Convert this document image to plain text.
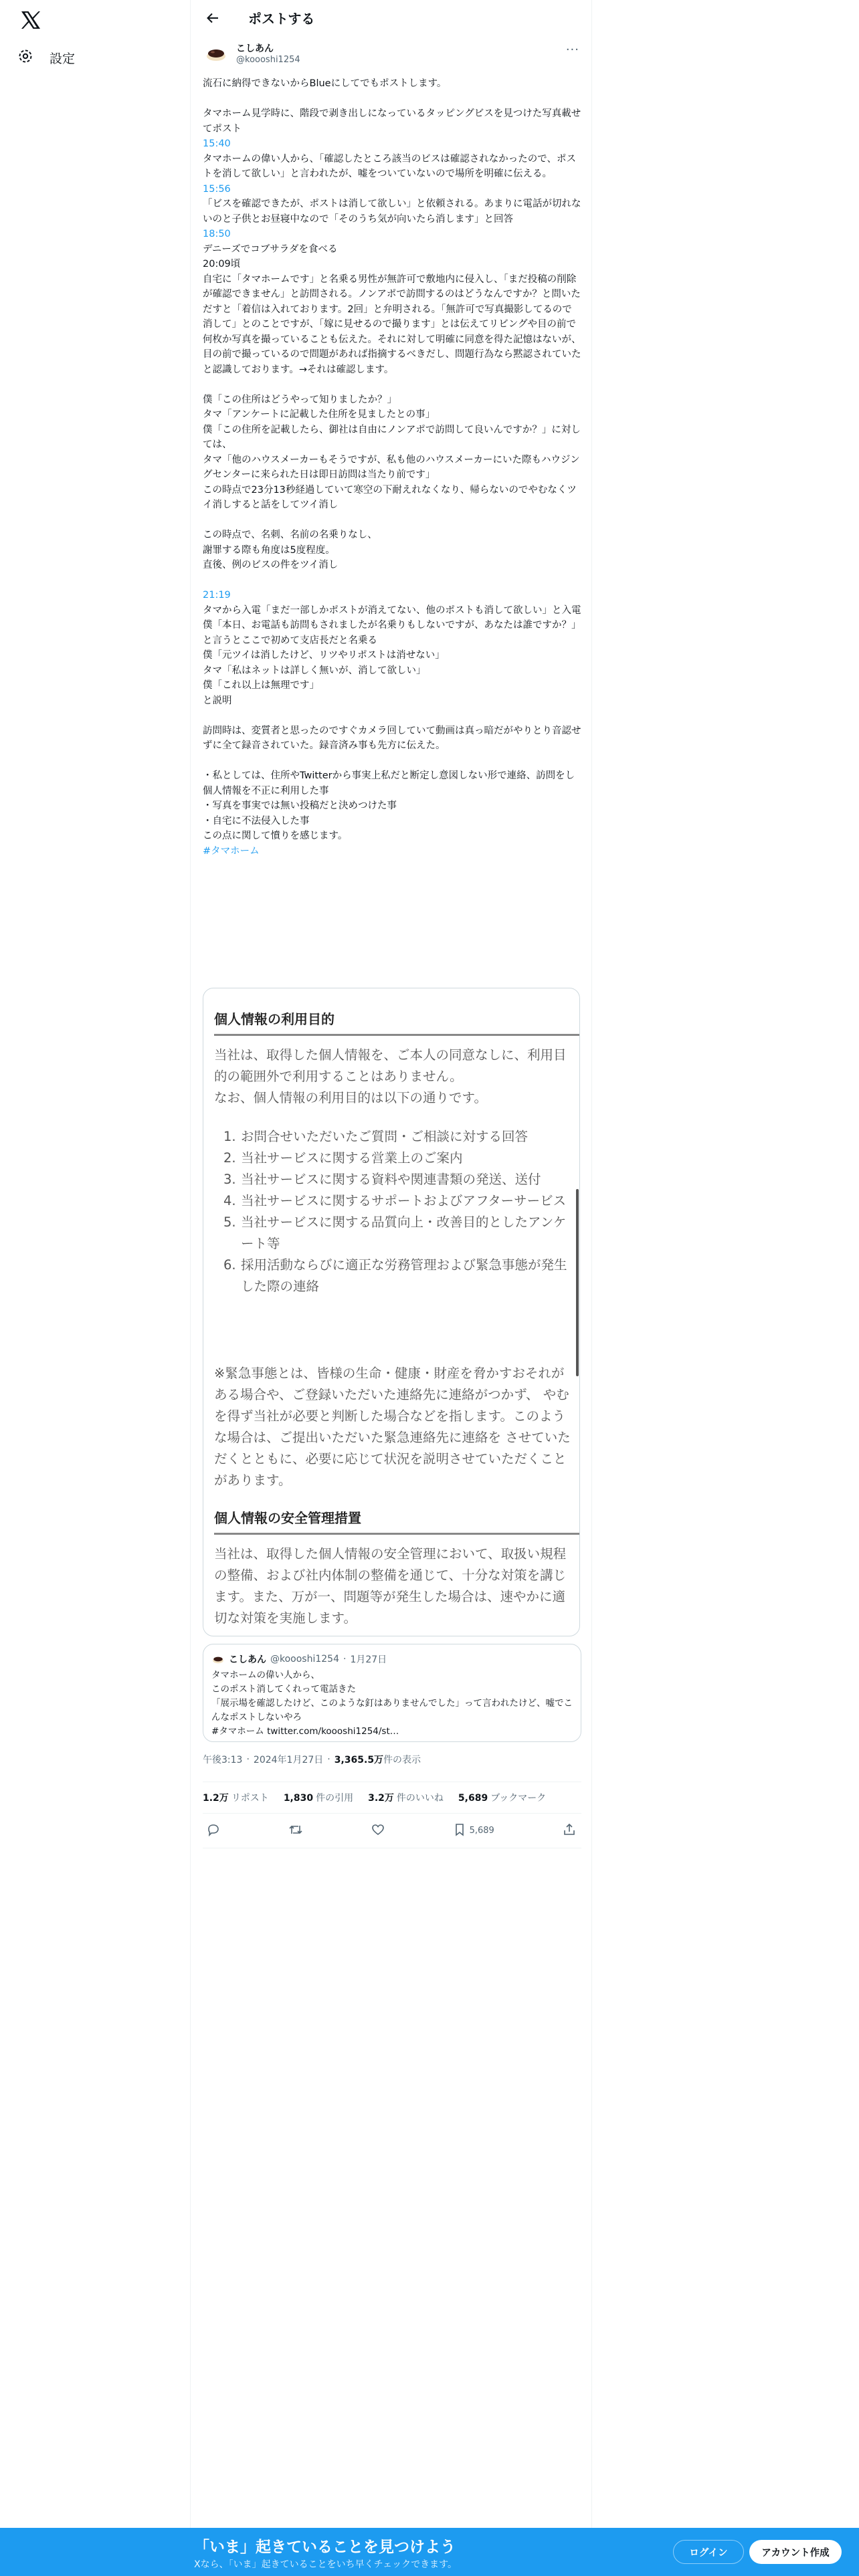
設定
ポストする
こしあん
@koooshi1254
···
流石に納得できないからBlueにしてでもポストします。
タマホーム見学時に、階段で剥き出しになっているタッピングビスを見つけた写真載せてポスト
15:40
タマホームの偉い人から、「確認したところ該当のビスは確認されなかったので、ポストを消して欲しい」と言われたが、嘘をついていないので場所を明確に伝える。
15:56
「ビスを確認できたが、ポストは消して欲しい」と依頼される。あまりに電話が切れないのと子供とお昼寝中なので「そのうち気が向いたら消します」と回答
18:50
デニーズでコブサラダを食べる
20:09頃
自宅に「タマホームです」と名乗る男性が無許可で敷地内に侵入し、「まだ投稿の削除が確認できません」と訪問される。ノンアポで訪問するのはどうなんですか？と問いただすと「着信は入れております。2回」と弁明される。「無許可で写真撮影してるので消して」とのことですが、「嫁に見せるので撮ります」とは伝えてリビングや目の前で何枚か写真を撮っていることも伝えた。それに対して明確に同意を得た記憶はないが、目の前で撮っているので問題があれば指摘するべきだし、問題行為なら黙認されていたと認識しております。→それは確認します。
僕「この住所はどうやって知りましたか？」
タマ「アンケートに記載した住所を見ましたとの事」
僕「この住所を記載したら、御社は自由にノンアポで訪問して良いんですか？」に対しては、
タマ「他のハウスメーカーもそうですが、私も他のハウスメーカーにいた際もハウジングセンターに来られた日は即日訪問は当たり前です」
この時点で23分13秒経過していて寒空の下耐えれなくなり、帰らないのでやむなくツイ消しすると話をしてツイ消し
この時点で、名刺、名前の名乗りなし、
謝罪する際も角度は5度程度。
直後、例のビスの件をツイ消し
21:19
タマから入電「まだ一部しかポストが消えてない、他のポストも消して欲しい」と入電
僕「本日、お電話も訪問もされましたが名乗りもしないですが、あなたは誰ですか？」と言うとここで初めて支店長だと名乗る
僕「元ツイは消したけど、リツやリポストは消せない」
タマ「私はネットは詳しく無いが、消して欲しい」
僕「これ以上は無理です」
と説明
訪問時は、変質者と思ったのですぐカメラ回していて動画は真っ暗だがやりとり音認せずに全て録音されていた。録音済み事も先方に伝えた。
・私としては、住所やTwitterから事実上私だと断定し意図しない形で連絡、訪問をし個人情報を不正に利用した事
・写真を事実では無い投稿だと決めつけた事
・自宅に不法侵入した事
この点に関して憤りを感じます。
#タマホーム
個人情報の利用目的
当社は、取得した個人情報を、ご本人の同意なしに、利用目的の範囲外で利用することはありません。
なお、個人情報の利用目的は以下の通りです。
1. お問合せいただいたご質問・ご相談に対する回答
2. 当社サービスに関する営業上のご案内
3. 当社サービスに関する資料や関連書類の発送、送付
4. 当社サービスに関するサポートおよびアフターサービス
5. 当社サービスに関する品質向上・改善目的としたアンケート等
6. 採用活動ならびに適正な労務管理および緊急事態が発生した際の連絡
※緊急事態とは、皆様の生命・健康・財産を脅かすおそれがある場合や、ご登録いただいた連絡先に連絡がつかず、 やむを得ず当社が必要と判断した場合などを指します。このような場合は、ご提出いただいた緊急連絡先に連絡を させていただくとともに、必要に応じて状況を説明させていただくことがあります。
個人情報の安全管理措置
当社は、取得した個人情報の安全管理において、取扱い規程の整備、および社内体制の整備を通じて、十分な対策を講じます。また、万が一、問題等が発生した場合は、速やかに適切な対策を実施します。
こしあん @koooshi1254 · 1月27日
タマホームの偉い人から、
このポスト消してくれって電話きた
「展示場を確認したけど、このような釘はありませんでした」って言われたけど、嘘でこんなポストしないやろ
#タマホーム twitter.com/koooshi1254/st…
午後3:13 · 2024年1月27日 · 3,365.5万件の表示
1.2万 リポスト 1,830 件の引用 3.2万 件のいいね 5,689 ブックマーク
5,689
「いま」起きていることを見つけよう
Xなら、「いま」起きていることをいち早くチェックできます。
ログイン	アカウント作成
